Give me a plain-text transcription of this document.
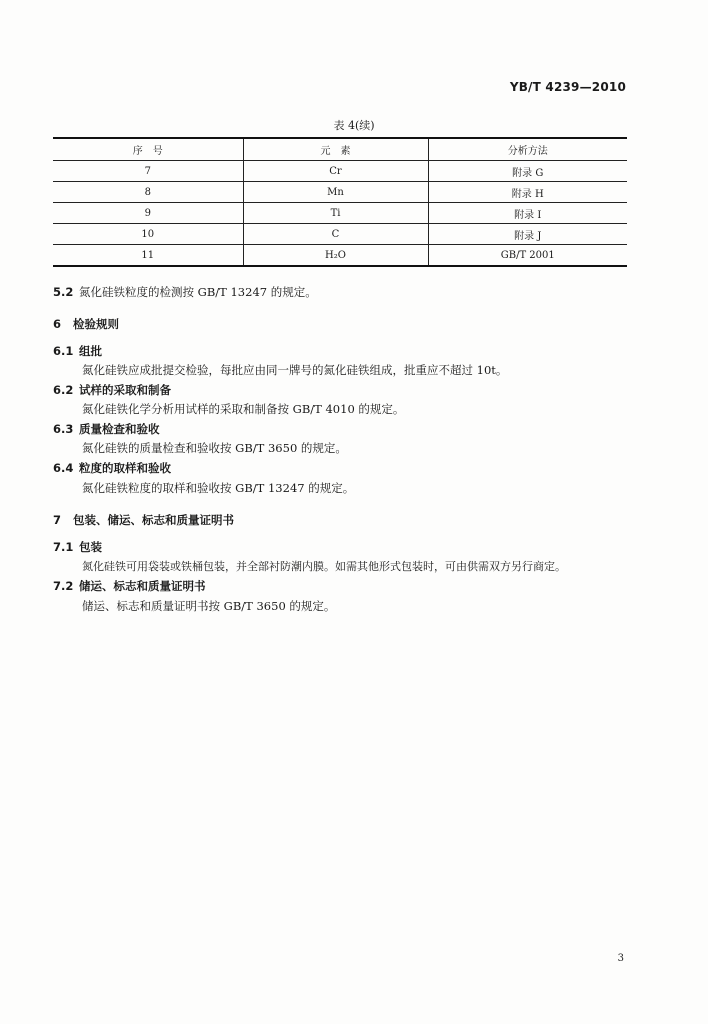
YB/T 4239—2010
表 4(续)
序　号	元　素	分析方法
7	Cr	附录 G
8	Mn	附录 H
9	Ti	附录 I
10	C	附录 J
11	H₂O	GB/T 2001
5.2 氮化硅铁粒度的检测按 GB/T 13247 的规定。
6 检验规则
6.1 组批
氮化硅铁应成批提交检验，每批应由同一牌号的氮化硅铁组成，批重应不超过 10t。
6.2 试样的采取和制备
氮化硅铁化学分析用试样的采取和制备按 GB/T 4010 的规定。
6.3 质量检查和验收
氮化硅铁的质量检查和验收按 GB/T 3650 的规定。
6.4 粒度的取样和验收
氮化硅铁粒度的取样和验收按 GB/T 13247 的规定。
7 包装、储运、标志和质量证明书
7.1 包装
氮化硅铁可用袋装或铁桶包装，并全部衬防潮内膜。如需其他形式包装时，可由供需双方另行商定。
7.2 储运、标志和质量证明书
储运、标志和质量证明书按 GB/T 3650 的规定。
3
